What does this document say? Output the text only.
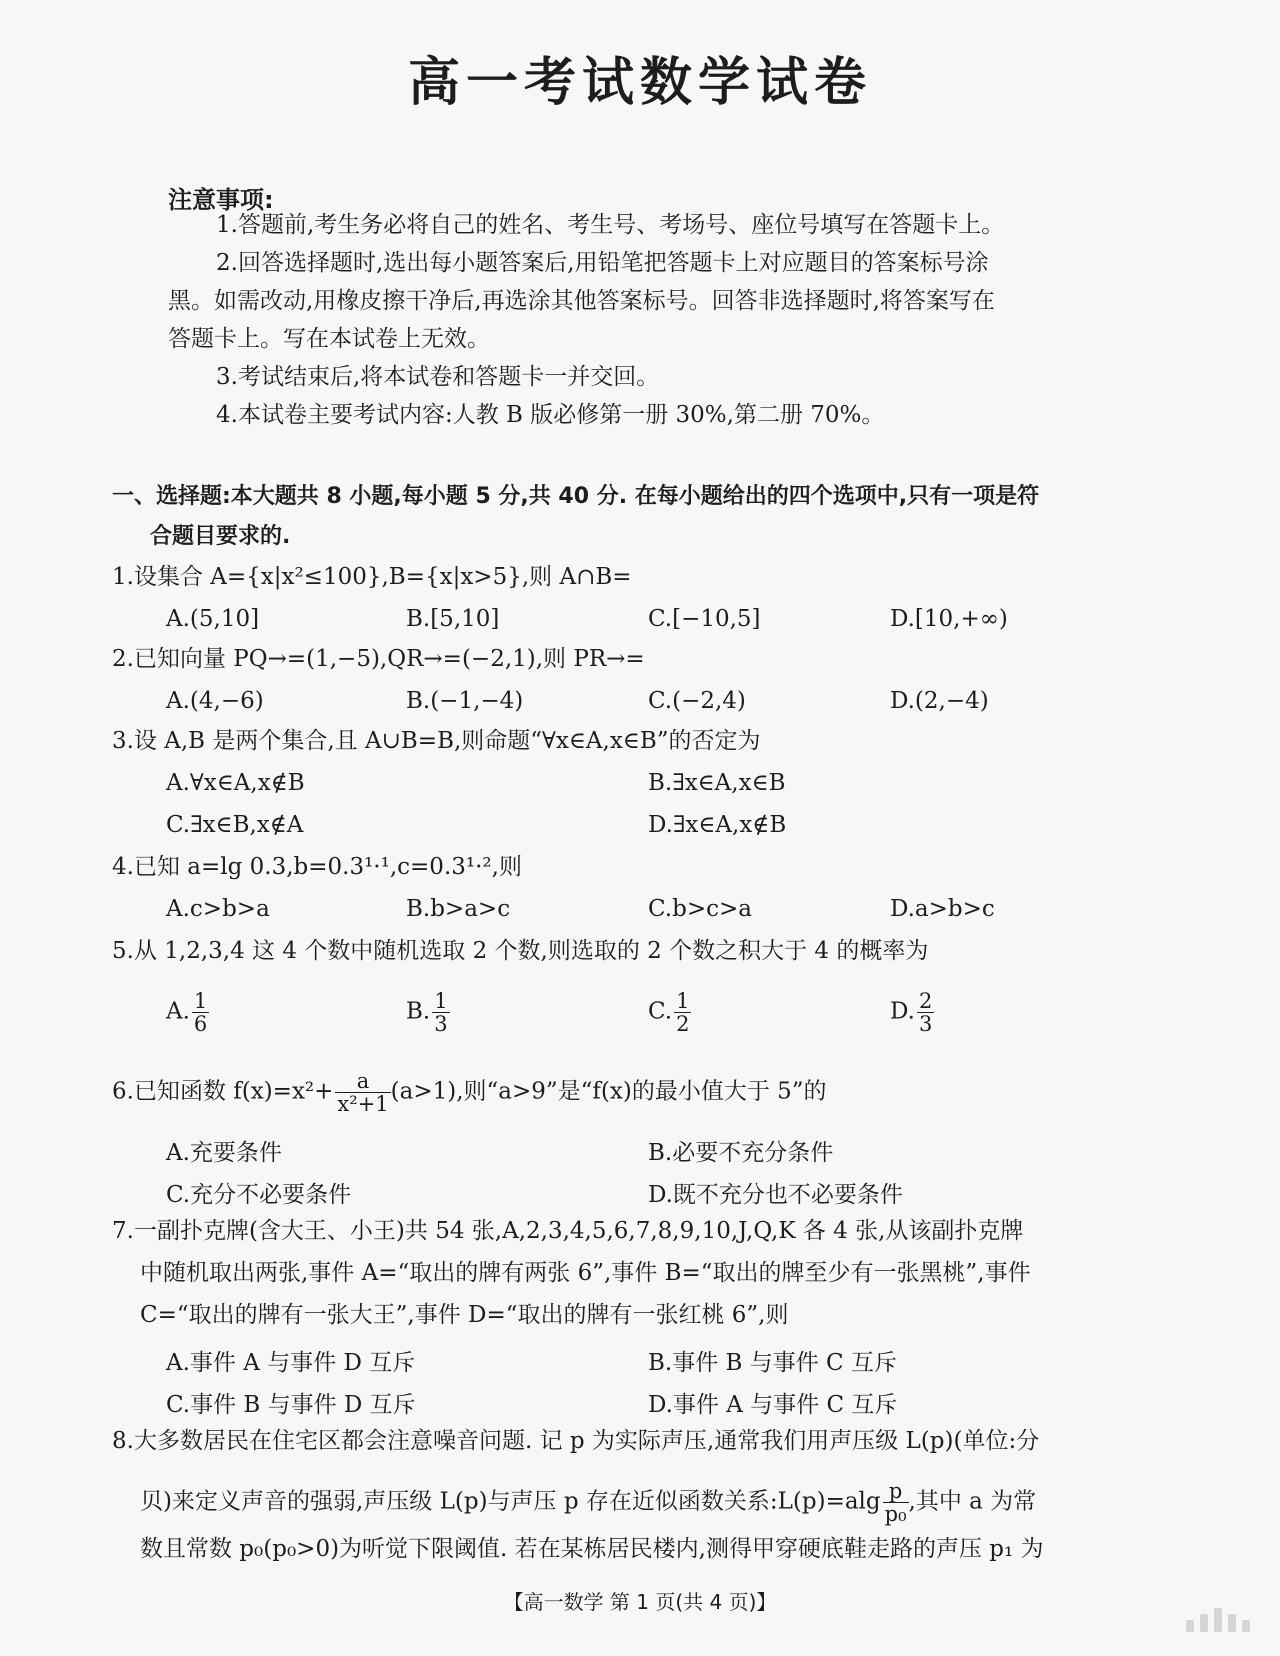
高一考试数学试卷
注意事项:
1.答题前,考生务必将自己的姓名、考生号、考场号、座位号填写在答题卡上。
2.回答选择题时,选出每小题答案后,用铅笔把答题卡上对应题目的答案标号涂
黑。如需改动,用橡皮擦干净后,再选涂其他答案标号。回答非选择题时,将答案写在
答题卡上。写在本试卷上无效。
3.考试结束后,将本试卷和答题卡一并交回。
4.本试卷主要考试内容:人教 B 版必修第一册 30%,第二册 70%。
一、选择题:本大题共 8 小题,每小题 5 分,共 40 分. 在每小题给出的四个选项中,只有一项是符
合题目要求的.
1.设集合 A={x|x²≤100},B={x|x>5},则 A∩B=
A.(5,10]	B.[5,10]	C.[−10,5]	D.[10,+∞)
2.已知向量 PQ→=(1,−5),QR→=(−2,1),则 PR→=
A.(4,−6)	B.(−1,−4)	C.(−2,4)	D.(2,−4)
3.设 A,B 是两个集合,且 A∪B=B,则命题“∀x∈A,x∈B”的否定为
A.∀x∈A,x∉B	B.∃x∈A,x∈B
C.∃x∈B,x∉A	D.∃x∈A,x∉B
4.已知 a=lg 0.3,b=0.3¹·¹,c=0.3¹·²,则
A.c>b>a	B.b>a>c	C.b>c>a	D.a>b>c
5.从 1,2,3,4 这 4 个数中随机选取 2 个数,则选取的 2 个数之积大于 4 的概率为
A. $\frac{1}{6}$	B. $\frac{1}{3}$	C. $\frac{1}{2}$	D. $\frac{2}{3}$
6.已知函数 $f(x)=x^2+ \frac{a}{\text{x²+1}} (a>1)$,则“a>9”是“f(x)的最小值大于 5”的
A.充要条件	B.必要不充分条件
C.充分不必要条件	D.既不充分也不必要条件
7.一副扑克牌(含大王、小王)共 54 张,A,2,3,4,5,6,7,8,9,10,J,Q,K 各 4 张,从该副扑克牌
中随机取出两张,事件 A=“取出的牌有两张 6”,事件 B=“取出的牌至少有一张黑桃”,事件
C=“取出的牌有一张大王”,事件 D=“取出的牌有一张红桃 6”,则
A.事件 A 与事件 D 互斥	B.事件 B 与事件 C 互斥
C.事件 B 与事件 D 互斥	D.事件 A 与事件 C 互斥
8.大多数居民在住宅区都会注意噪音问题. 记 p 为实际声压,通常我们用声压级 L(p)(单位:分
贝)来定义声音的强弱,声压级 L(p)与声压 p 存在近似函数关系:L(p)=alg $\frac{p}{\text{p₀}}$ ,其中 a 为常
数且常数 p₀(p₀>0)为听觉下限阈值. 若在某栋居民楼内,测得甲穿硬底鞋走路的声压 p₁ 为
【高一数学 第 1 页(共 4 页)】
